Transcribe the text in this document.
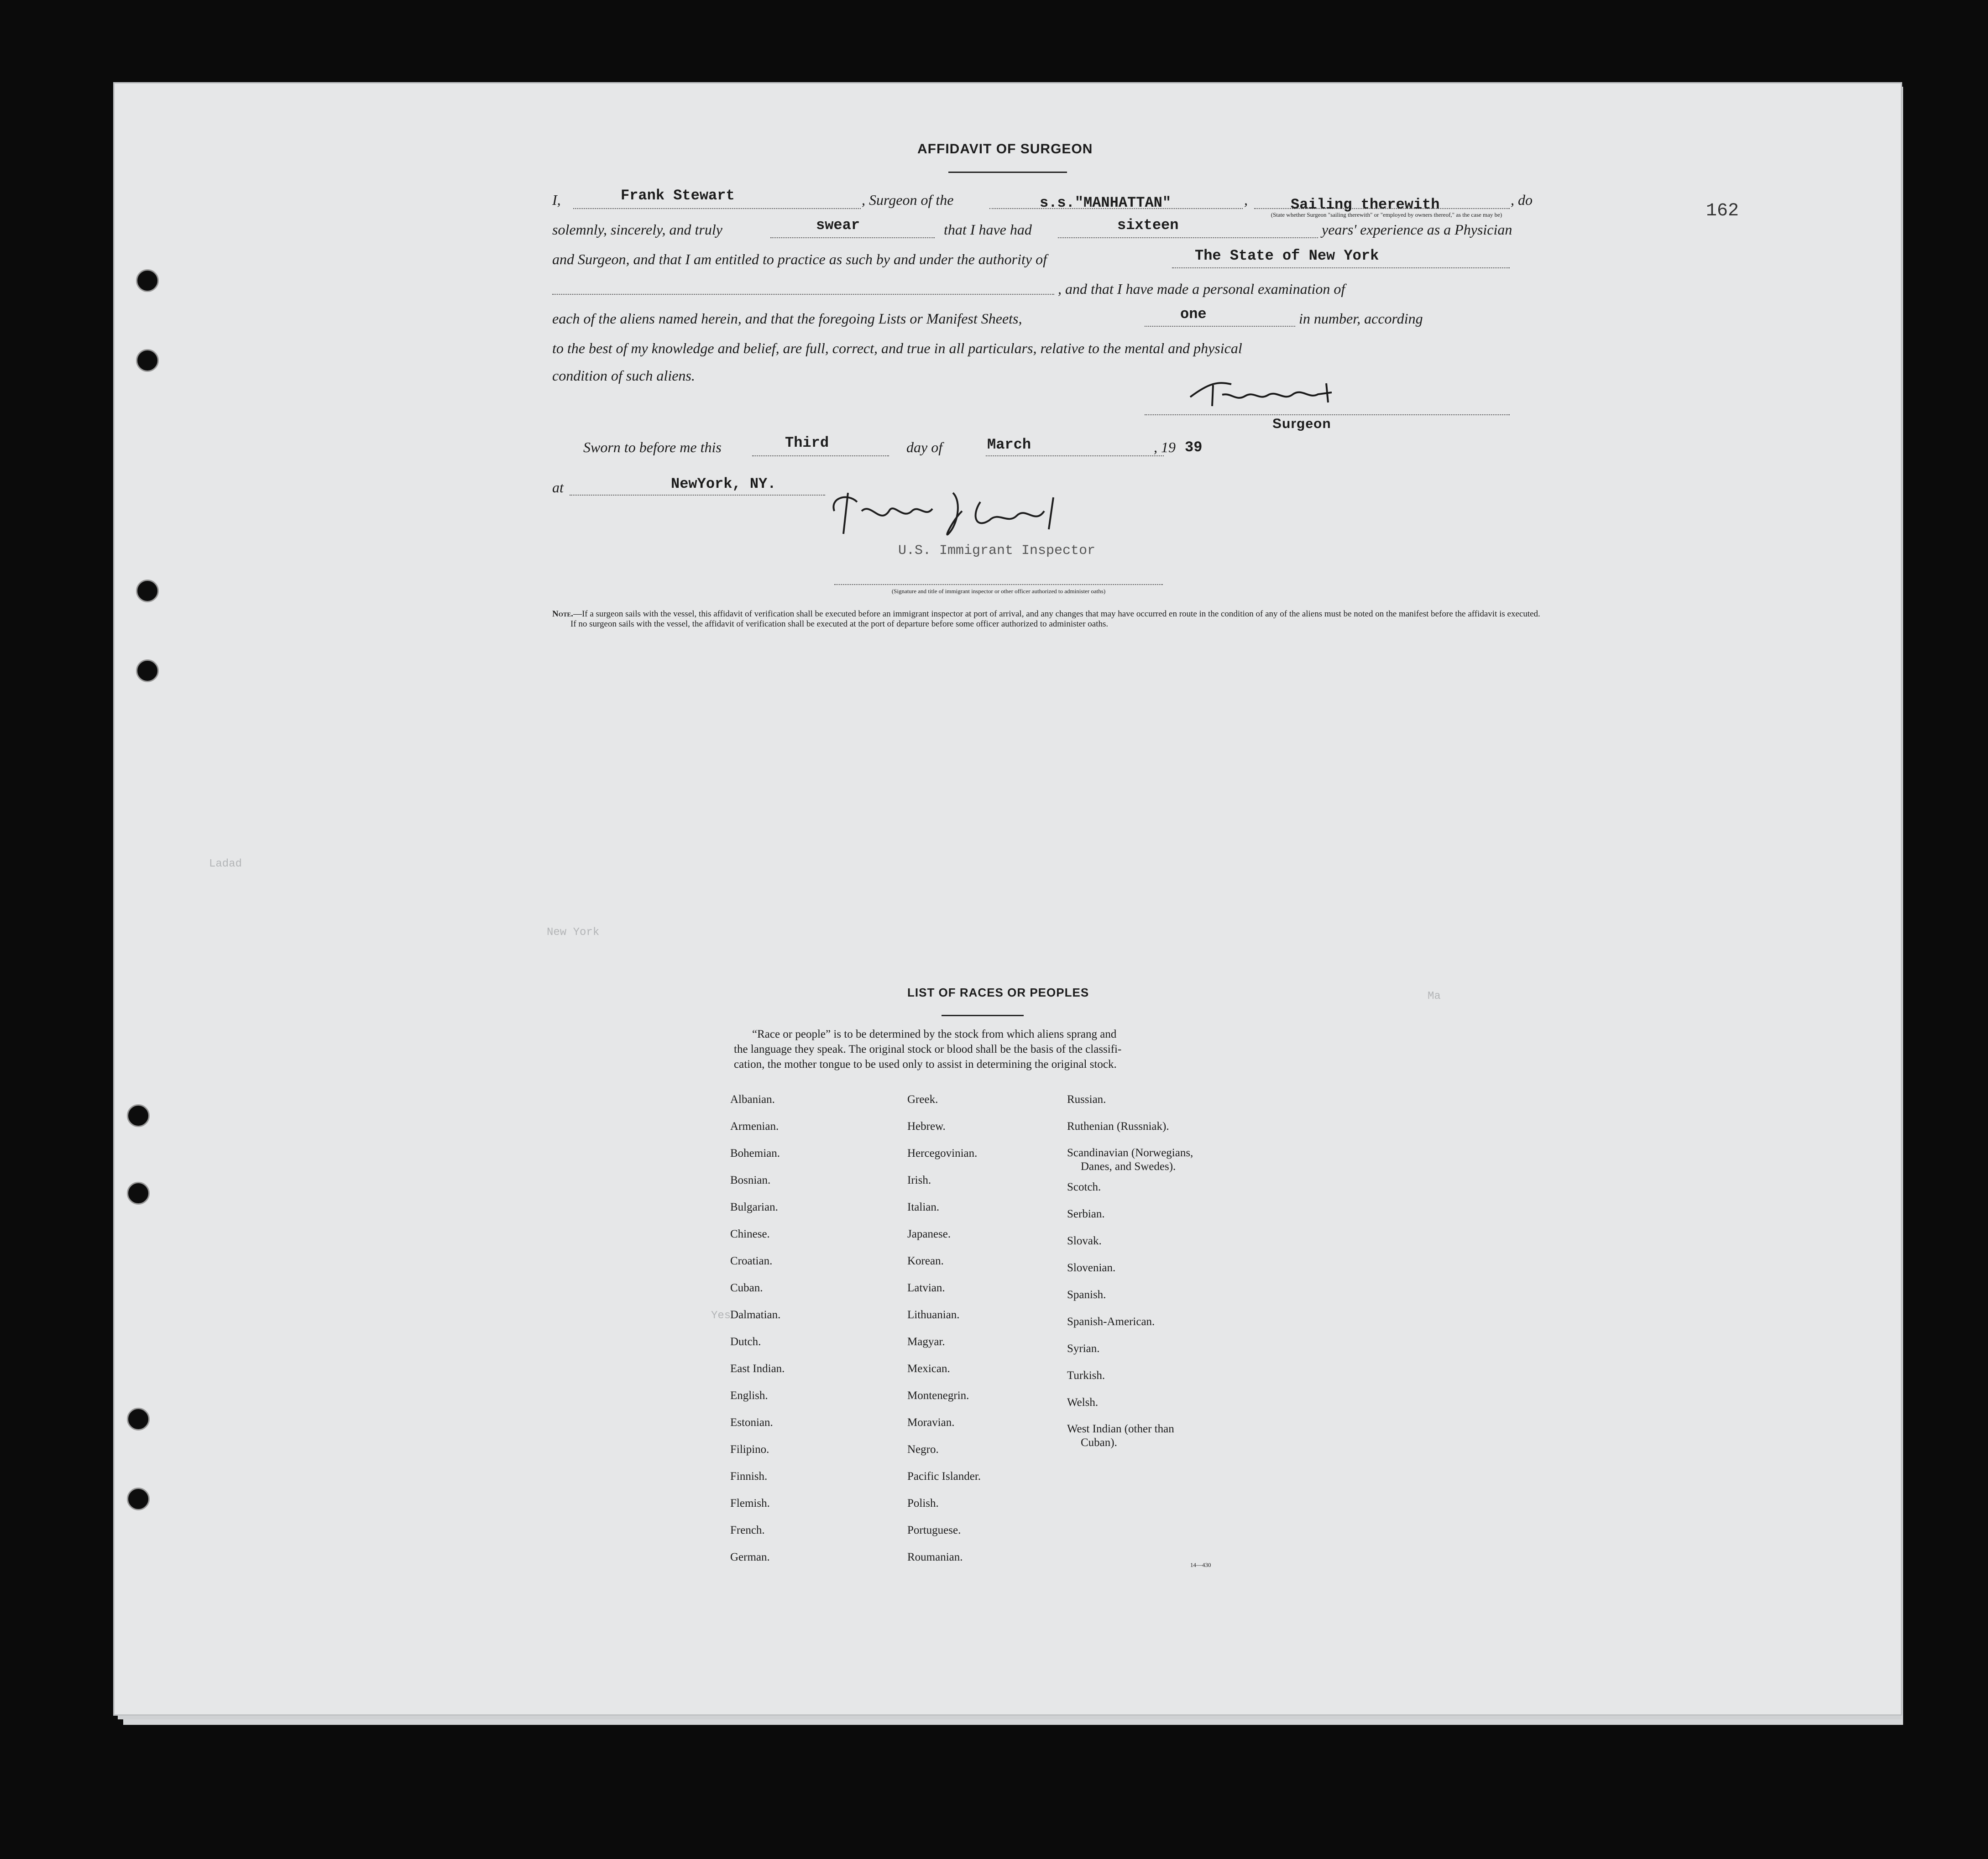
162
AFFIDAVIT OF SURGEON
I,	Frank Stewart	, Surgeon of the	s.s."MANHATTAN"	,	Sailing therewith	, do
(State whether Surgeon "sailing therewith" or "employed by owners thereof," as the case may be)
solemnly, sincerely, and truly	swear	that I have had	sixteen	years' experience as a Physician
and Surgeon, and that I am entitled to practice as such by and under the authority of	The State of New York
, and that I have made a personal examination of
each of the aliens named herein, and that the foregoing Lists or Manifest Sheets,	one	in number, according
to the best of my knowledge and belief, are full, correct, and true in all particulars, relative to the mental and physical
condition of such aliens.
Surgeon
Sworn to before me this	Third	day of	March	, 19 39
at	NewYork, NY.
U.S. Immigrant Inspector
(Signature and title of immigrant inspector or other officer authorized to administer oaths)
Note.—If a surgeon sails with the vessel, this affidavit of verification shall be executed before an immigrant inspector at port of arrival, and any changes that may have occurred en route in the condition of any of the aliens must be noted on the manifest before the affidavit is executed.
If no surgeon sails with the vessel, the affidavit of verification shall be executed at the port of departure before some officer authorized to administer oaths.
Ladad
New York
Yes
Ma
LIST OF RACES OR PEOPLES
“Race or people” is to be determined by the stock from which aliens sprang and
the language they speak. The original stock or blood shall be the basis of the classifi-
cation, the mother tongue to be used only to assist in determining the original stock.
Albanian.
Armenian.
Bohemian.
Bosnian.
Bulgarian.
Chinese.
Croatian.
Cuban.
Dalmatian.
Dutch.
East Indian.
English.
Estonian.
Filipino.
Finnish.
Flemish.
French.
German.
Greek.
Hebrew.
Hercegovinian.
Irish.
Italian.
Japanese.
Korean.
Latvian.
Lithuanian.
Magyar.
Mexican.
Montenegrin.
Moravian.
Negro.
Pacific Islander.
Polish.
Portuguese.
Roumanian.
Russian.
Ruthenian (Russniak).
Scandinavian (Norwegians,
Danes, and Swedes).
Scotch.
Serbian.
Slovak.
Slovenian.
Spanish.
Spanish-American.
Syrian.
Turkish.
Welsh.
West Indian (other than
Cuban).
14—430
